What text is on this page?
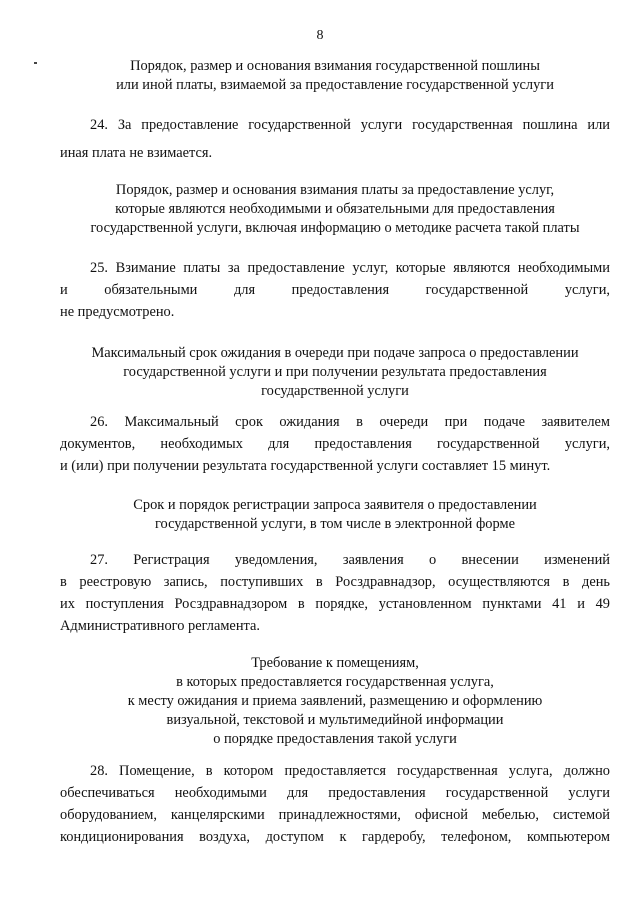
8
Порядок, размер и основания взимания государственной пошлины
или иной платы, взимаемой за предоставление государственной услуги
24. За предоставление государственной услуги государственная пошлина или
иная плата не взимается.
Порядок, размер и основания взимания платы за предоставление услуг,
которые являются необходимыми и обязательными для предоставления
государственной услуги, включая информацию о методике расчета такой платы
25. Взимание платы за предоставление услуг, которые являются необходимыми
и обязательными для предоставления государственной услуги,
не предусмотрено.
Максимальный срок ожидания в очереди при подаче запроса о предоставлении
государственной услуги и при получении результата предоставления
государственной услуги
26. Максимальный срок ожидания в очереди при подаче заявителем
документов, необходимых для предоставления государственной услуги,
и (или) при получении результата государственной услуги составляет 15 минут.
Срок и порядок регистрации запроса заявителя о предоставлении
государственной услуги, в том числе в электронной форме
27. Регистрация уведомления, заявления о внесении изменений
в реестровую запись, поступивших в Росздравнадзор, осуществляются в день
их поступления Росздравнадзором в порядке, установленном пунктами 41 и 49
Административного регламента.
Требование к помещениям,
в которых предоставляется государственная услуга,
к месту ожидания и приема заявлений, размещению и оформлению
визуальной, текстовой и мультимедийной информации
о порядке предоставления такой услуги
28. Помещение, в котором предоставляется государственная услуга, должно
обеспечиваться необходимыми для предоставления государственной услуги
оборудованием, канцелярскими принадлежностями, офисной мебелью, системой
кондиционирования воздуха, доступом к гардеробу, телефоном, компьютером
